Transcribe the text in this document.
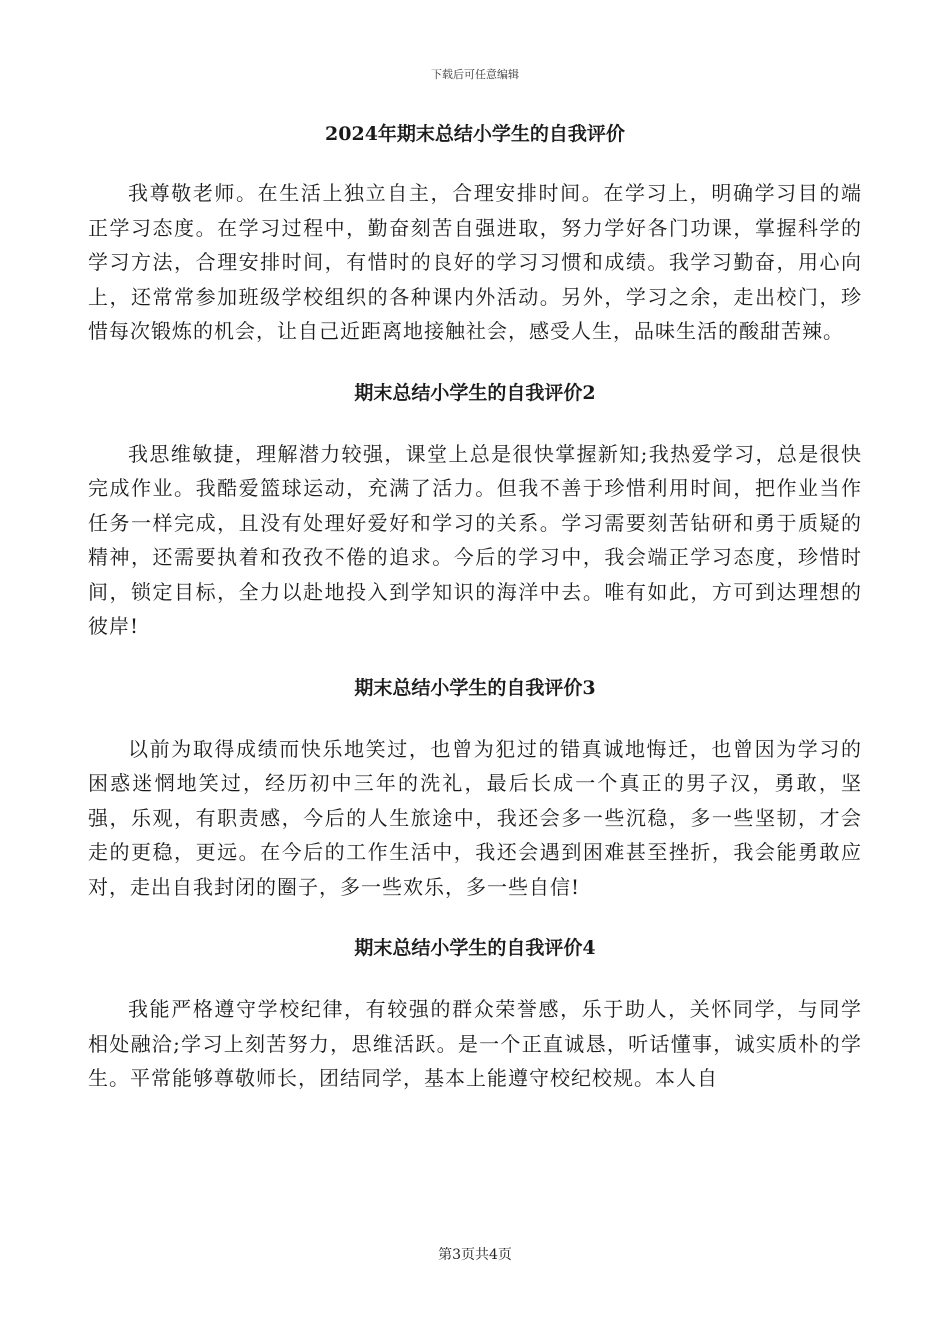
下载后可任意编辑
2024年期末总结小学生的自我评价

我尊敬老师。在生活上独立自主，合理安排时间。在学习上，明确学习目的端正学习态度。在学习过程中，勤奋刻苦自强进取，努力学好各门功课，掌握科学的学习方法，合理安排时间，有惜时的良好的学习习惯和成绩。我学习勤奋，用心向上，还常常参加班级学校组织的各种课内外活动。另外，学习之余，走出校门，珍惜每次锻炼的机会，让自己近距离地接触社会，感受人生，品味生活的酸甜苦辣。

期末总结小学生的自我评价2

我思维敏捷，理解潜力较强，课堂上总是很快掌握新知;我热爱学习，总是很快完成作业。我酷爱篮球运动，充满了活力。但我不善于珍惜利用时间，把作业当作任务一样完成，且没有处理好爱好和学习的关系。学习需要刻苦钻研和勇于质疑的精神，还需要执着和孜孜不倦的追求。今后的学习中，我会端正学习态度，珍惜时间，锁定目标，全力以赴地投入到学知识的海洋中去。唯有如此，方可到达理想的彼岸!

期末总结小学生的自我评价3

以前为取得成绩而快乐地笑过，也曾为犯过的错真诚地悔迁，也曾因为学习的困惑迷惘地笑过，经历初中三年的洗礼，最后长成一个真正的男子汉，勇敢，坚强，乐观，有职责感，今后的人生旅途中，我还会多一些沉稳，多一些坚韧，才会走的更稳，更远。在今后的工作生活中，我还会遇到困难甚至挫折，我会能勇敢应对，走出自我封闭的圈子，多一些欢乐，多一些自信!

期末总结小学生的自我评价4

我能严格遵守学校纪律，有较强的群众荣誉感，乐于助人，关怀同学，与同学相处融洽;学习上刻苦努力，思维活跃。是一个正直诚恳，听话懂事，诚实质朴的学生。平常能够尊敬师长，团结同学，基本上能遵守校纪校规。本人自

第3页共4页
